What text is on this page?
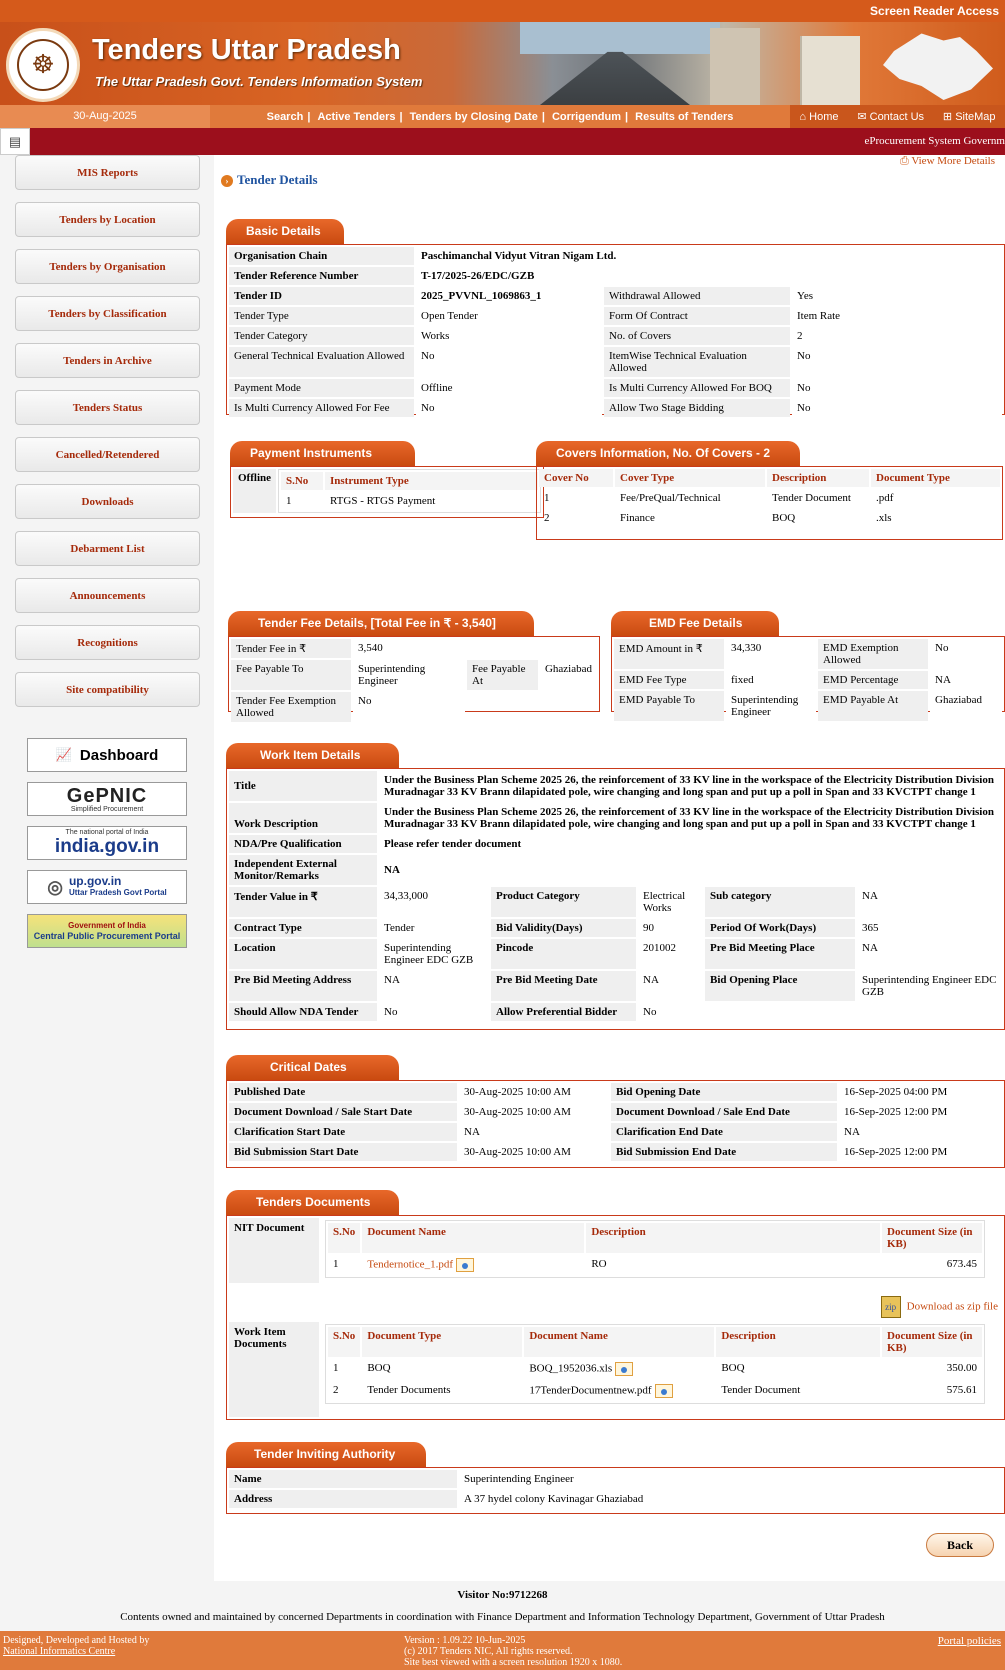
Screen Reader Access
☸	Tenders Uttar Pradesh
The Uttar Pradesh Govt. Tenders Information System
30-Aug-2025	Search | Active Tenders | Tenders by Closing Date | Corrigendum | Results of Tenders	⌂ Home ✉ Contact Us ⊞ SiteMap
▤	eProcurement System Governm
MIS Reports
Tenders by Location
Tenders by Organisation
Tenders by Classification
Tenders in Archive
Tenders Status
Cancelled/Retendered
Downloads
Debarment List
Announcements
Recognitions
Site compatibility
📈 Dashboard
GePNIC
Simplified Procurement
The national portal of India
india.gov.in
◎ up.gov.in
Uttar Pradesh Govt Portal
Government of India
Central Public Procurement Portal
⎙ View More Details
› Tender Details
Basic Details
Organisation Chain	Paschimanchal Vidyut Vitran Nigam Ltd.		
Tender Reference Number	T-17/2025-26/EDC/GZB		
Tender ID	2025_PVVNL_1069863_1	Withdrawal Allowed	Yes
Tender Type	Open Tender	Form Of Contract	Item Rate
Tender Category	Works	No. of Covers	2
General Technical Evaluation Allowed	No	ItemWise Technical Evaluation Allowed	No
Payment Mode	Offline	Is Multi Currency Allowed For BOQ	No
Is Multi Currency Allowed For Fee	No	Allow Two Stage Bidding	No
Payment Instruments
Offline	S.No	Instrument Type
1	RTGS - RTGS Payment
Covers Information, No. Of Covers - 2
Cover No	Cover Type	Description	Document Type
1	Fee/PreQual/Technical	Tender Document	.pdf
2	Finance	BOQ	.xls
Tender Fee Details, [Total Fee in ₹ - 3,540]
Tender Fee in ₹	3,540		
Fee Payable To	Superintending Engineer	Fee Payable At	Ghaziabad
Tender Fee Exemption Allowed	No		
EMD Fee Details
EMD Amount in ₹	34,330	EMD Exemption Allowed	No
EMD Fee Type	fixed	EMD Percentage	NA
EMD Payable To	Superintending Engineer	EMD Payable At	Ghaziabad
Work Item Details
Title	Under the Business Plan Scheme 2025 26, the reinforcement of 33 KV line in the workspace of the Electricity Distribution Division Muradnagar 33 KV Brann dilapidated pole, wire changing and long span and put up a poll in Span and 33 KVCTPT change 1				
Work Description	Under the Business Plan Scheme 2025 26, the reinforcement of 33 KV line in the workspace of the Electricity Distribution Division Muradnagar 33 KV Brann dilapidated pole, wire changing and long span and put up a poll in Span and 33 KVCTPT change 1				
NDA/Pre Qualification	Please refer tender document				
Independent External Monitor/Remarks	NA				
Tender Value in ₹	34,33,000	Product Category	Electrical Works	Sub category	NA
Contract Type	Tender	Bid Validity(Days)	90	Period Of Work(Days)	365
Location	Superintending Engineer EDC GZB	Pincode	201002	Pre Bid Meeting Place	NA
Pre Bid Meeting Address	NA	Pre Bid Meeting Date	NA	Bid Opening Place	Superintending Engineer EDC GZB
Should Allow NDA Tender	No	Allow Preferential Bidder	No		
Critical Dates
Published Date	30-Aug-2025 10:00 AM	Bid Opening Date	16-Sep-2025 04:00 PM
Document Download / Sale Start Date	30-Aug-2025 10:00 AM	Document Download / Sale End Date	16-Sep-2025 12:00 PM
Clarification Start Date	NA	Clarification End Date	NA
Bid Submission Start Date	30-Aug-2025 10:00 AM	Bid Submission End Date	16-Sep-2025 12:00 PM
Tenders Documents
NIT Document	S.No	Document Name	Description	Document Size (in KB)
1	Tendernotice_1.pdf	RO	673.45
zip Download as zip file
Work Item Documents
S.No	Document Type	Document Name	Description	Document Size (in KB)
1	BOQ	BOQ_1952036.xls	BOQ	350.00
2	Tender Documents	17TenderDocumentnew.pdf	Tender Document	575.61
Tender Inviting Authority
Name	Superintending Engineer
Address	A 37 hydel colony Kavinagar Ghaziabad
Back
Visitor No:9712268
Contents owned and maintained by concerned Departments in coordination with Finance Department and Information Technology Department, Government of Uttar Pradesh
Designed, Developed and Hosted by
National Informatics Centre
Version : 1.09.22 10-Jun-2025
(c) 2017 Tenders NIC, All rights reserved.
Site best viewed with a screen resolution 1920 x 1080.
Portal policies
